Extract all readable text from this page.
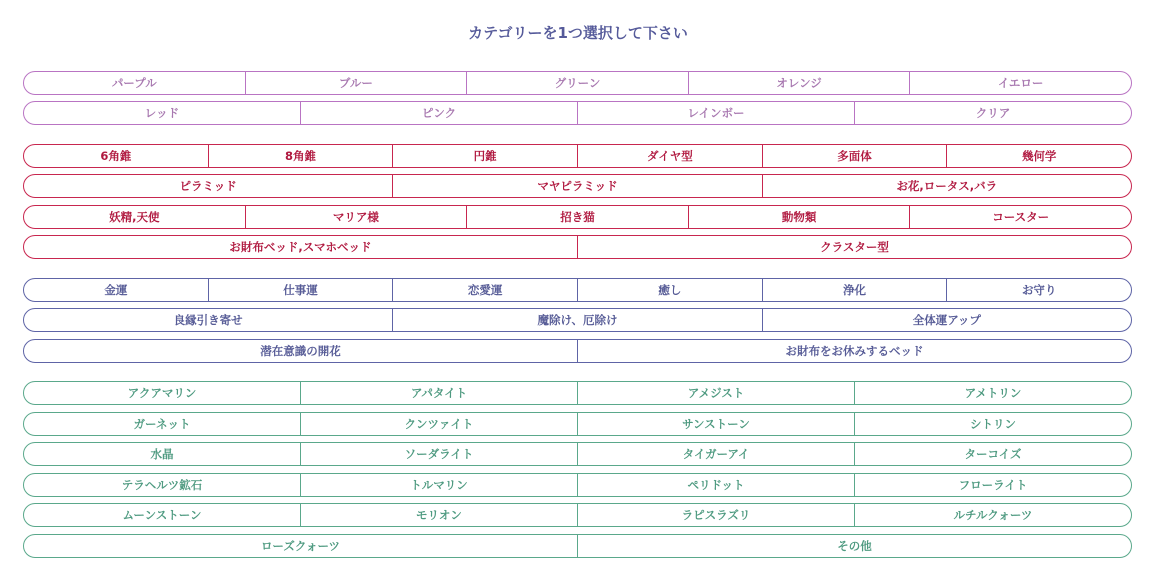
カテゴリーを1つ選択して下さい
パープル	ブルー	グリーン	オレンジ	イエロー
レッド	ピンク	レインボー	クリア
6角錐	8角錐	円錐	ダイヤ型	多面体	幾何学
ピラミッド	マヤピラミッド	お花,ロータス,バラ
妖精,天使	マリア様	招き猫	動物類	コースター
お財布ベッド,スマホベッド	クラスター型
金運	仕事運	恋愛運	癒し	浄化	お守り
良縁引き寄せ	魔除け、厄除け	全体運アップ
潜在意識の開花	お財布をお休みするベッド
アクアマリン	アパタイト	アメジスト	アメトリン
ガーネット	クンツァイト	サンストーン	シトリン
水晶	ソーダライト	タイガーアイ	ターコイズ
テラヘルツ鉱石	トルマリン	ペリドット	フローライト
ムーンストーン	モリオン	ラピスラズリ	ルチルクォーツ
ローズクォーツ	その他
